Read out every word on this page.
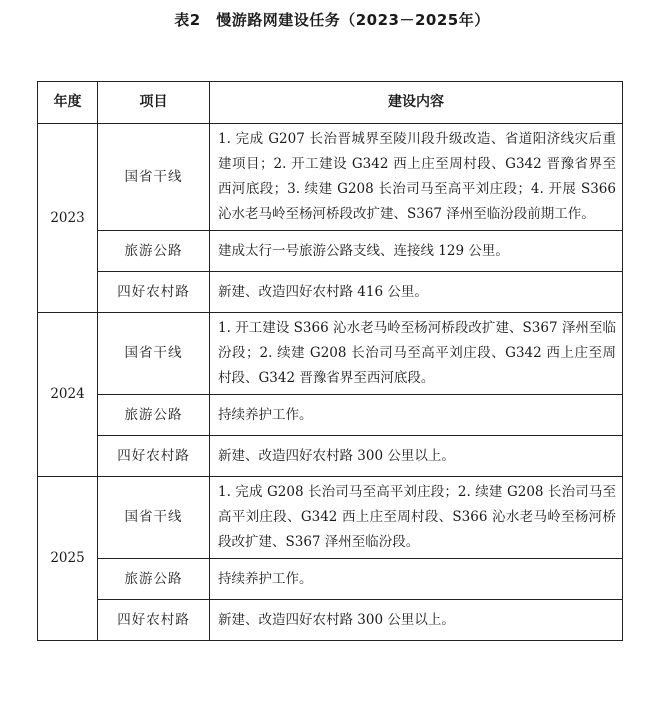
表2　慢游路网建设任务（2023－2025年）
年度	项目	建设内容
2023	国省干线	1. 完成 G207 长治晋城界至陵川段升级改造、省道阳济线灾后重建项目；2. 开工建设 G342 西上庄至周村段、G342 晋豫省界至西河底段；3. 续建 G208 长治司马至高平刘庄段；4. 开展 S366 沁水老马岭至杨河桥段改扩建、S367 泽州至临汾段前期工作。
	旅游公路	建成太行一号旅游公路支线、连接线 129 公里。
	四好农村路	新建、改造四好农村路 416 公里。
2024	国省干线	1. 开工建设 S366 沁水老马岭至杨河桥段改扩建、S367 泽州至临汾段；2. 续建 G208 长治司马至高平刘庄段、G342 西上庄至周村段、G342 晋豫省界至西河底段。
	旅游公路	持续养护工作。
	四好农村路	新建、改造四好农村路 300 公里以上。
2025	国省干线	1. 完成 G208 长治司马至高平刘庄段；2. 续建 G208 长治司马至高平刘庄段、G342 西上庄至周村段、S366 沁水老马岭至杨河桥段改扩建、S367 泽州至临汾段。
	旅游公路	持续养护工作。
	四好农村路	新建、改造四好农村路 300 公里以上。
